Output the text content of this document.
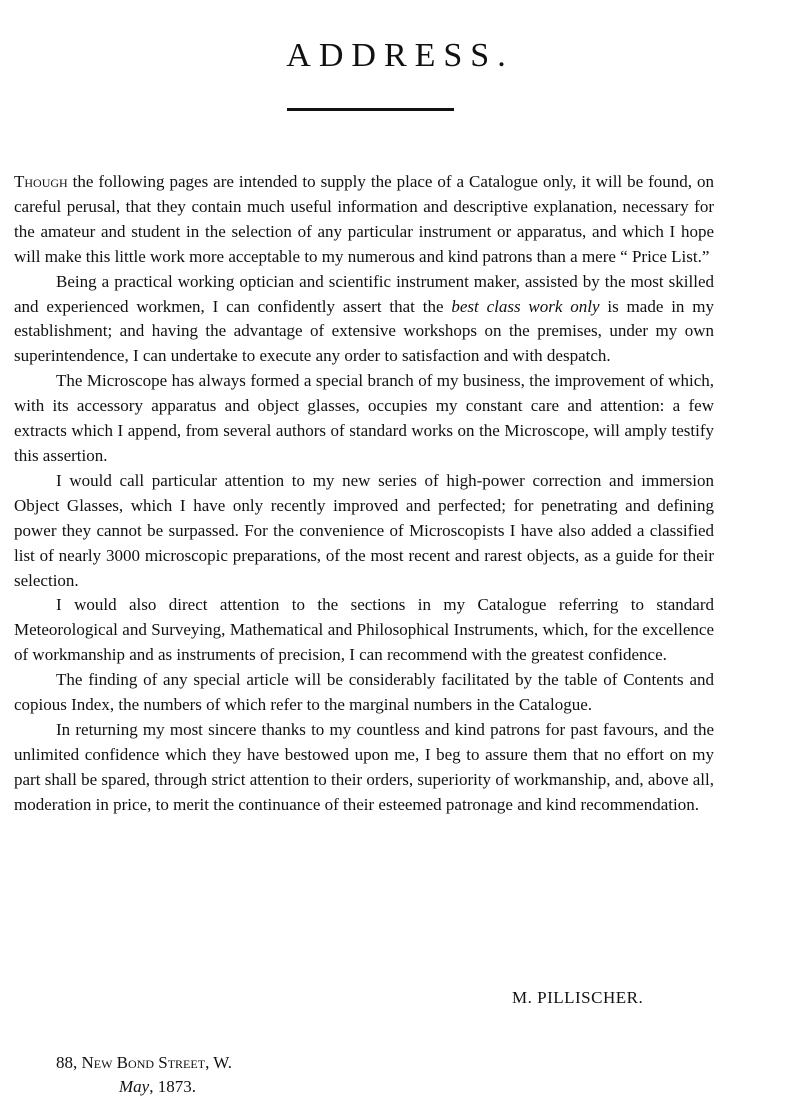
ADDRESS.

Though the following pages are intended to supply the place of a Catalogue only, it will be found, on careful perusal, that they contain much useful information and descriptive explanation, necessary for the amateur and student in the selection of any particular instrument or apparatus, and which I hope will make this little work more acceptable to my numerous and kind patrons than a mere “ Price List.”

Being a practical working optician and scientific instrument maker, assisted by the most skilled and experienced workmen, I can confidently assert that the best class work only is made in my establishment; and having the advantage of extensive workshops on the premises, under my own superintendence, I can undertake to execute any order to satisfaction and with despatch.

The Microscope has always formed a special branch of my business, the improvement of which, with its accessory apparatus and object glasses, occupies my constant care and attention: a few extracts which I append, from several authors of standard works on the Microscope, will amply testify this assertion.

I would call particular attention to my new series of high-power correction and immersion Object Glasses, which I have only recently improved and perfected; for penetrating and defining power they cannot be surpassed. For the convenience of Microscopists I have also added a classified list of nearly 3000 microscopic preparations, of the most recent and rarest objects, as a guide for their selection.

I would also direct attention to the sections in my Catalogue referring to standard Meteorological and Surveying, Mathematical and Philosophical Instruments, which, for the excellence of workmanship and as instruments of precision, I can recommend with the greatest confidence.

The finding of any special article will be considerably facilitated by the table of Contents and copious Index, the numbers of which refer to the marginal numbers in the Catalogue.

In returning my most sincere thanks to my countless and kind patrons for past favours, and the unlimited confidence which they have bestowed upon me, I beg to assure them that no effort on my part shall be spared, through strict attention to their orders, superiority of workmanship, and, above all, moderation in price, to merit the continuance of their esteemed patronage and kind recommendation.

M. PILLISCHER.
88, New Bond Street, W.
May, 1873.
